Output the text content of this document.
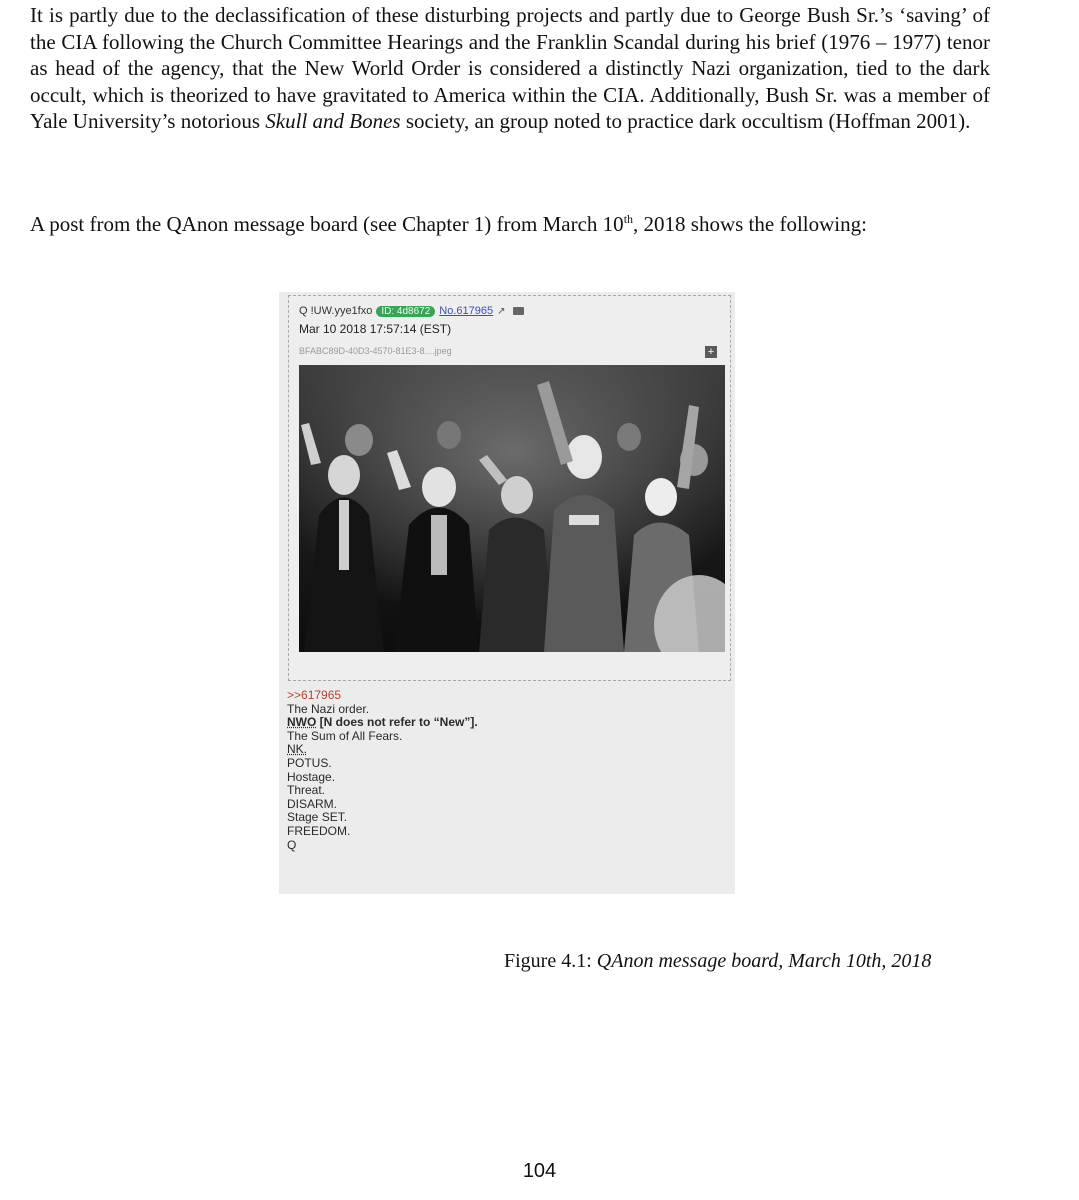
It is partly due to the declassification of these disturbing projects and partly due to George Bush Sr.’s ‘saving’ of the CIA following the Church Committee Hearings and the Franklin Scandal during his brief (1976 – 1977) tenor as head of the agency, that the New World Order is considered a distinctly Nazi organization, tied to the dark occult, which is theorized to have gravitated to America within the CIA. Additionally, Bush Sr. was a member of Yale University’s notorious Skull and Bones society, an group noted to practice dark occultism (Hoffman 2001).

A post from the QAnon message board (see Chapter 1) from March 10th, 2018 shows the following:

Q !UW.yye1fxo ID: 4d8672 No.617965 ↗
Mar 10 2018 17:57:14 (EST)
BFABC89D-40D3-4570-81E3-8....jpeg	+
>>617965
The Nazi order.
NWO [N does not refer to “New”].
The Sum of All Fears.
NK.
POTUS.
Hostage.
Threat.
DISARM.
Stage SET.
FREEDOM.
Q
Figure 4.1: QAnon message board, March 10th, 2018
104
